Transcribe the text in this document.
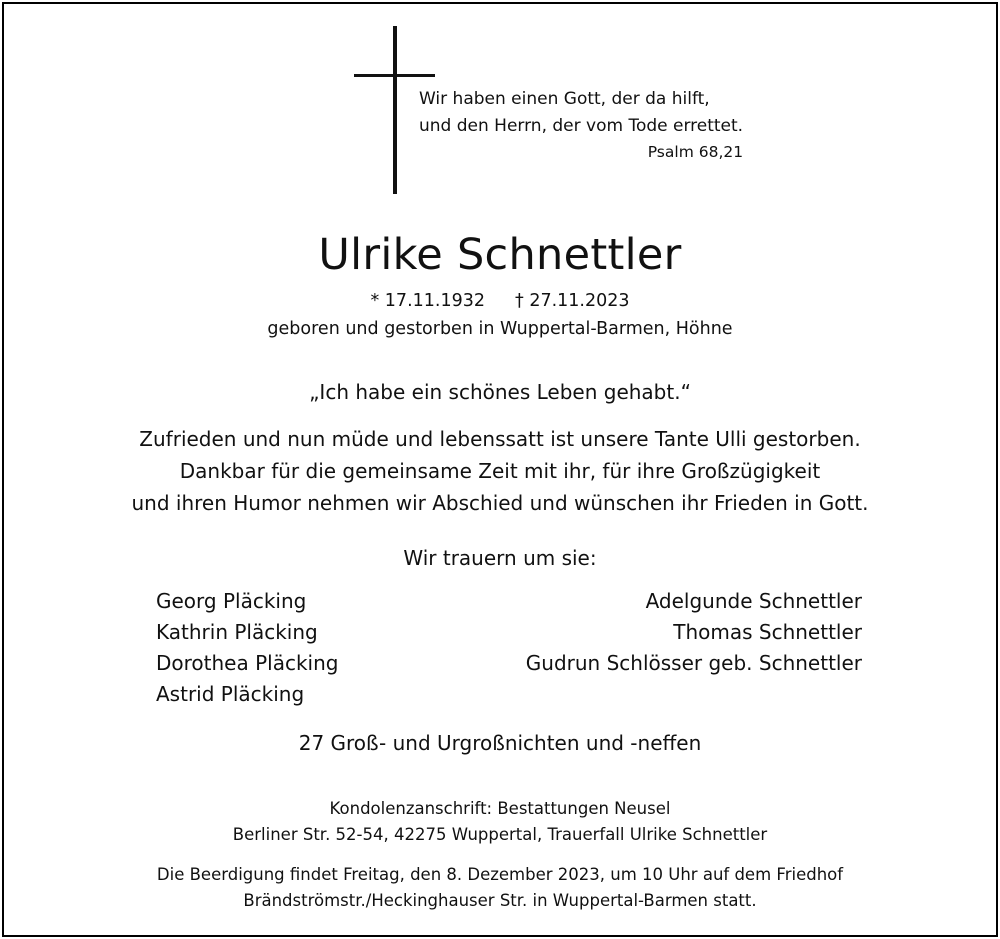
Wir haben einen Gott, der da hilft,
und den Herrn, der vom Tode errettet.
Psalm 68,21
Ulrike Schnettler
* 17.11.1932 † 27.11.2023
geboren und gestorben in Wuppertal-Barmen, Höhne
„Ich habe ein schönes Leben gehabt.“
Zufrieden und nun müde und lebenssatt ist unsere Tante Ulli gestorben.
Dankbar für die gemeinsame Zeit mit ihr, für ihre Großzügigkeit
und ihren Humor nehmen wir Abschied und wünschen ihr Frieden in Gott.
Wir trauern um sie:
Georg Pläcking
Kathrin Pläcking
Dorothea Pläcking
Astrid Pläcking
Adelgunde Schnettler
Thomas Schnettler
Gudrun Schlösser geb. Schnettler
27 Groß- und Urgroßnichten und -neffen
Kondolenzanschrift: Bestattungen Neusel
Berliner Str. 52-54, 42275 Wuppertal, Trauerfall Ulrike Schnettler
Die Beerdigung findet Freitag, den 8. Dezember 2023, um 10 Uhr auf dem Friedhof
Brändströmstr./Heckinghauser Str. in Wuppertal-Barmen statt.
